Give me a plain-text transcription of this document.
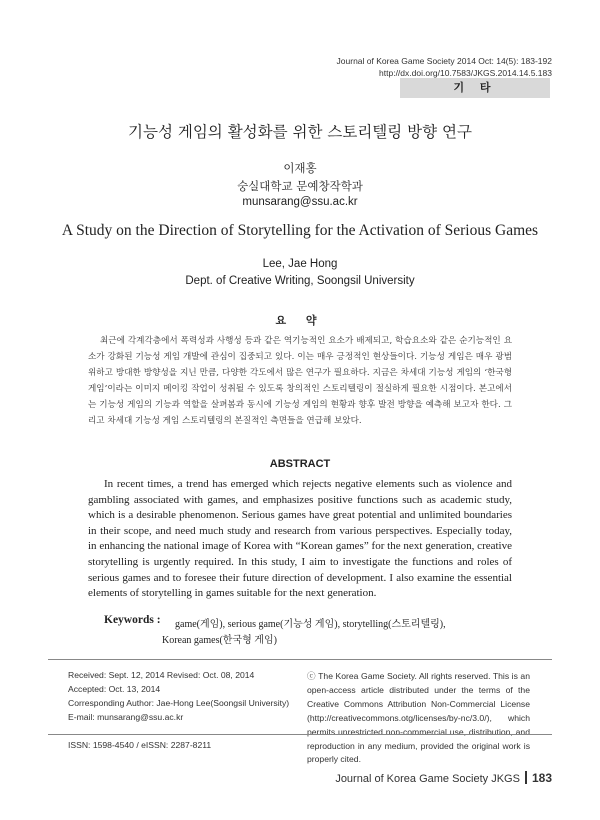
Journal of Korea Game Society 2014 Oct: 14(5): 183-192
http://dx.doi.org/10.7583/JKGS.2014.14.5.183
기 타
기능성 게임의 활성화를 위한 스토리텔링 방향 연구
이재홍
숭실대학교 문예창작학과
munsarang@ssu.ac.kr
A Study on the Direction of Storytelling for the Activation of Serious Games
Lee, Jae Hong
Dept. of Creative Writing, Soongsil University
요 약

최근에 각계각층에서 폭력성과 사행성 등과 같은 역기능적인 요소가 배제되고, 학습요소와 같은 순기능적인 요소가 강화된 기능성 게임 개발에 관심이 집중되고 있다. 이는 매우 긍정적인 현상들이다. 기능성 게임은 매우 광범위하고 방대한 방향성을 지닌 만큼, 다양한 각도에서 많은 연구가 필요하다. 지금은 차세대 기능성 게임의 ‘한국형 게임’이라는 이미지 메이킹 작업이 성취될 수 있도록 창의적인 스토리텔링이 절실하게 필요한 시점이다. 본고에서는 기능성 게임의 기능과 역할을 살펴봄과 동시에 기능성 게임의 현황과 향후 발전 방향을 예측해 보고자 한다. 그리고 차세대 기능성 게임 스토리텔링의 본질적인 측면들을 연급해 보았다.

ABSTRACT

In recent times, a trend has emerged which rejects negative elements such as violence and gambling associated with games, and emphasizes positive functions such as academic study, which is a desirable phenomenon. Serious games have great potential and unlimited boundaries in their scope, and need much study and research from various perspectives. Especially today, in enhancing the national image of Korea with “Korean games” for the next generation, creative storytelling is urgently required. In this study, I aim to investigate the functions and roles of serious games and to foresee their future direction of development. I also examine the essential elements of storytelling in games suitable for the next generation.

Keywords : game(게임), serious game(기능성 게임), storytelling(스토리텔링),
Korean games(한국형 게임)
Received: Sept. 12, 2014 Revised: Oct. 08, 2014
Accepted: Oct. 13, 2014
Corresponding Author: Jae-Hong Lee(Soongsil University)
E-mail: munsarang@ssu.ac.kr
ISSN: 1598-4540 / eISSN: 2287-8211
ⓒ The Korea Game Society. All rights reserved. This is an open-access article distributed under the terms of the Creative Commons Attribution Non-Commercial License (http://creativecommons.otg/licenses/by-nc/3.0/), which permits unrestricted non-commercial use, distribution, and reproduction in any medium, provided the original work is properly cited.
Journal of Korea Game Society JKGS 183
